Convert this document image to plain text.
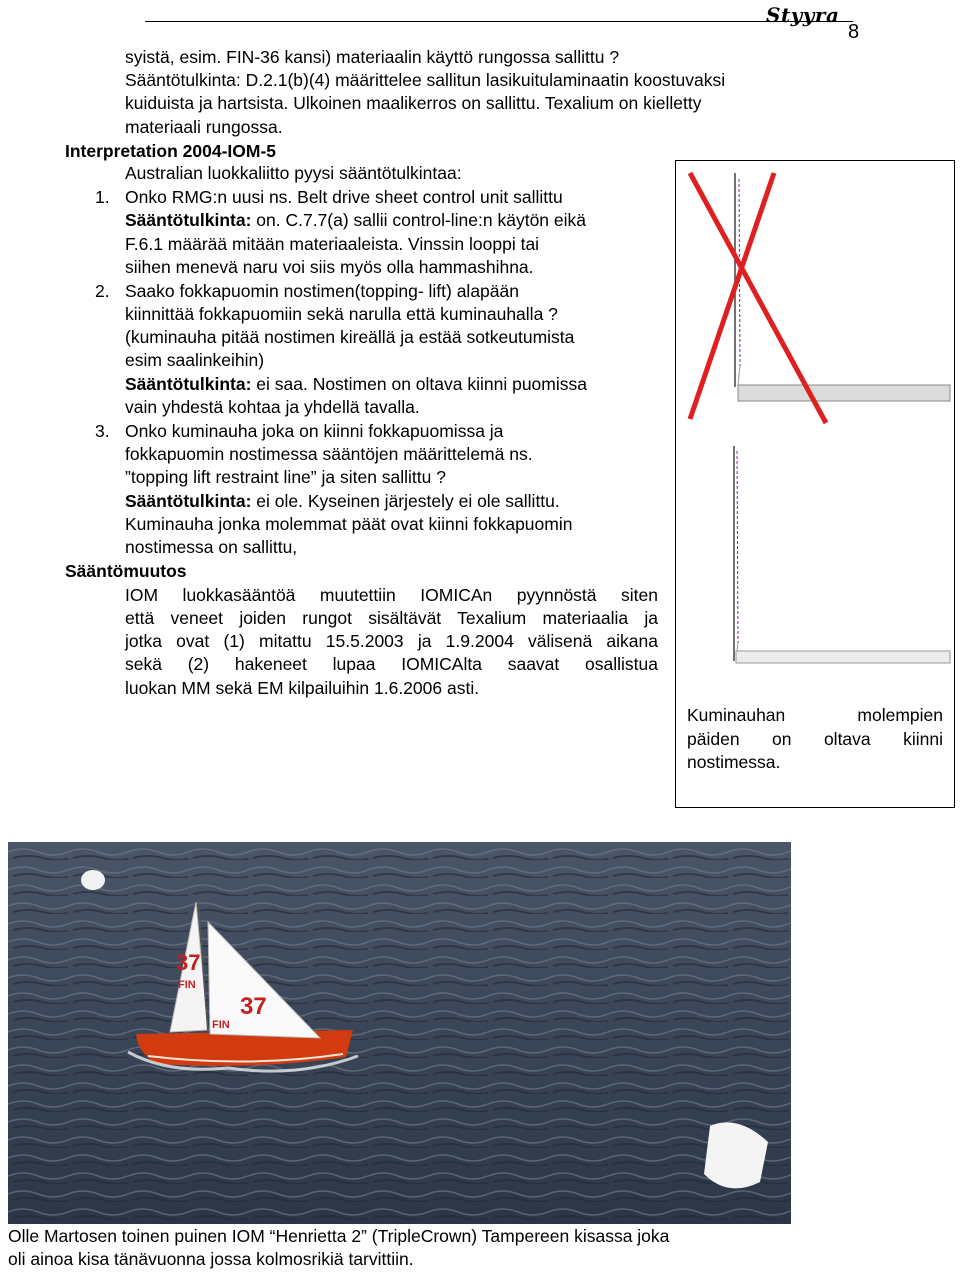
Styyra
8
syistä, esim. FIN-36 kansi) materiaalin käyttö rungossa sallittu ?
Sääntötulkinta: D.2.1(b)(4) määrittelee sallitun lasikuitulaminaatin koostuvaksi
kuiduista ja hartsista. Ulkoinen maalikerros on sallittu. Texalium on kielletty
materiaali rungossa.
Interpretation 2004-IOM-5
Australian luokkaliitto pyysi sääntötulkintaa:
1. Onko RMG:n uusi ns. Belt drive sheet control unit sallittu
Sääntötulkinta: on. C.7.7(a) sallii control-line:n käytön eikä
F.6.1 määrää mitään materiaaleista. Vinssin looppi tai
siihen menevä naru voi siis myös olla hammashihna.
2. Saako fokkapuomin nostimen(topping- lift) alapään
kiinnittää fokkapuomiin sekä narulla että kuminauhalla ?
(kuminauha pitää nostimen kireällä ja estää sotkeutumista
esim saalinkeihin)
Sääntötulkinta: ei saa. Nostimen on oltava kiinni puomissa
vain yhdestä kohtaa ja yhdellä tavalla.
3. Onko kuminauha joka on kiinni fokkapuomissa ja
fokkapuomin nostimessa sääntöjen määrittelemä ns.
”topping lift restraint line” ja siten sallittu ?
Sääntötulkinta: ei ole. Kyseinen järjestely ei ole sallittu.
Kuminauha jonka molemmat päät ovat kiinni fokkapuomin
nostimessa on sallittu,
Sääntömuutos
IOM luokkasääntöä muutettiin IOMICAn pyynnöstä siten
että veneet joiden rungot sisältävät Texalium materiaalia ja
jotka ovat (1) mitattu 15.5.2003 ja 1.9.2004 välisenä aikana
sekä (2) hakeneet lupaa IOMICAlta saavat osallistua
luokan MM sekä EM kilpailuihin 1.6.2006 asti.
Kuminauhan molempien
päiden on oltava kiinni
nostimessa.
37
37
FIN
FIN
Olle Martosen toinen puinen IOM “Henrietta 2” (TripleCrown) Tampereen kisassa joka
oli ainoa kisa tänävuonna jossa kolmosrikiä tarvittiin.
